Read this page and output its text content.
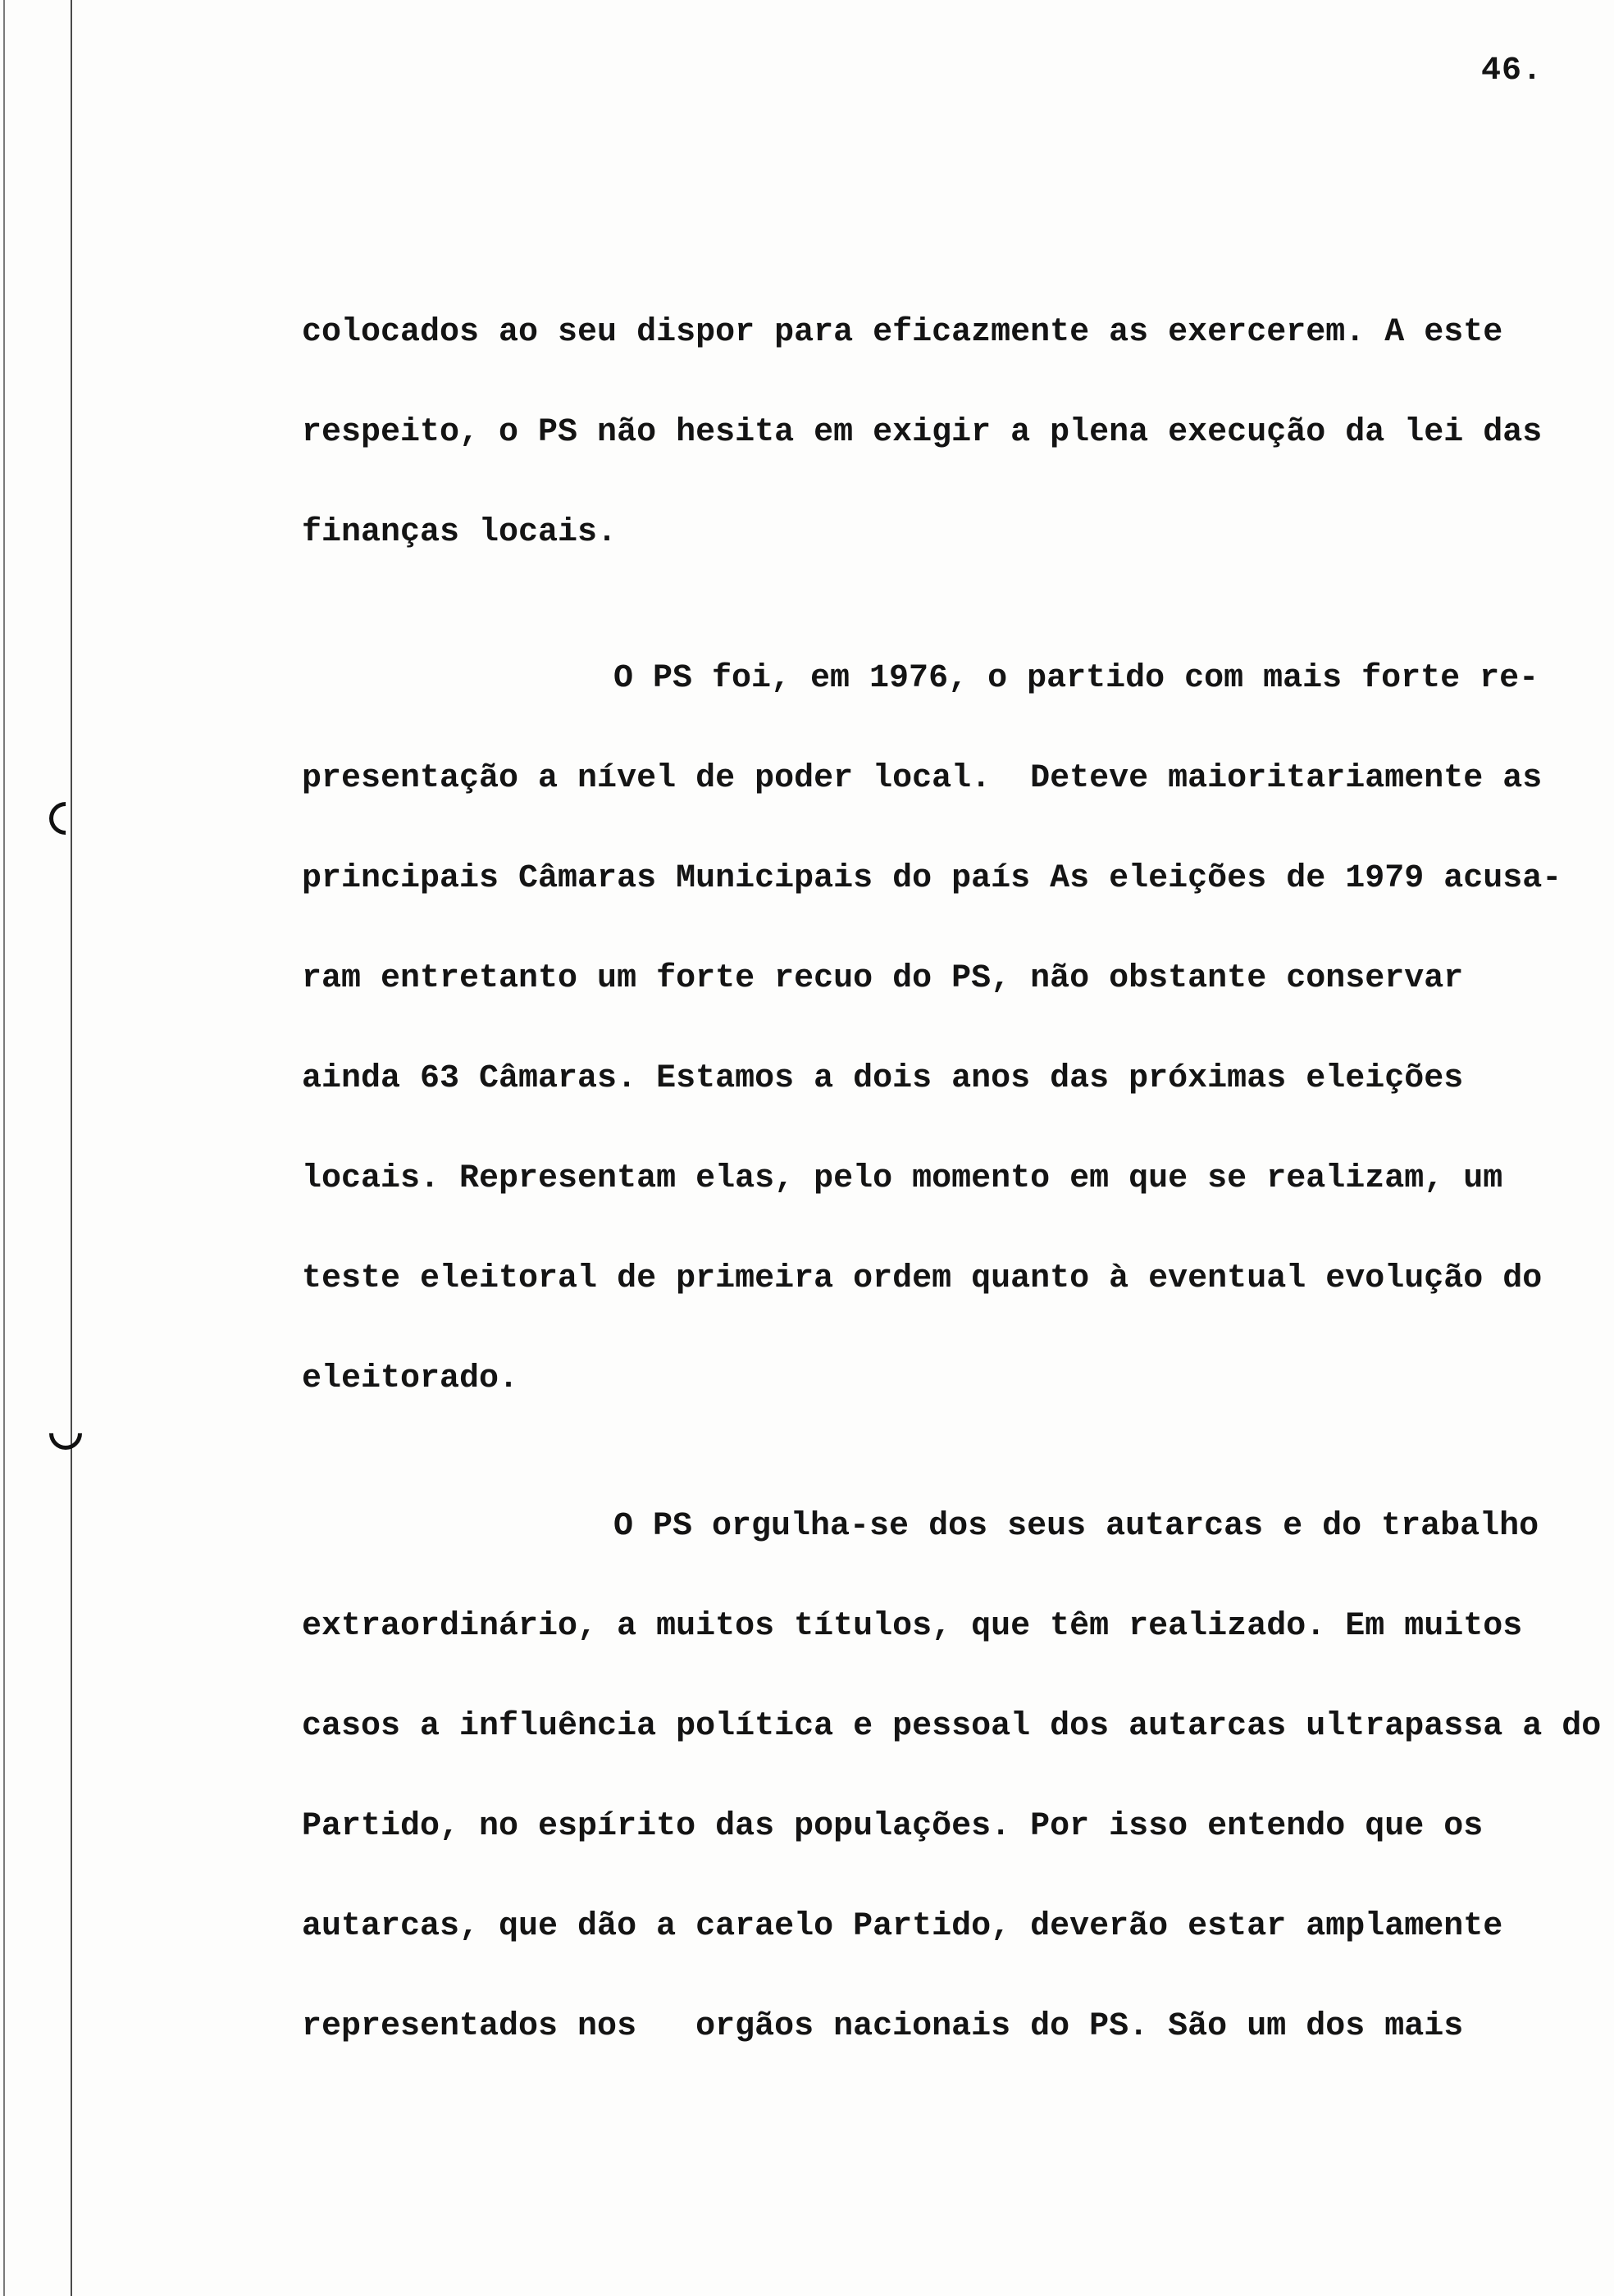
46.

colocados ao seu dispor para eficazmente as exercerem. A este

respeito, o PS não hesita em exigir a plena execução da lei das

finanças locais.

O PS foi, em 1976, o partido com mais forte re-

presentação a nível de poder local.  Deteve maioritariamente as

principais Câmaras Municipais do país As eleições de 1979 acusa-

ram entretanto um forte recuo do PS, não obstante conservar

ainda 63 Câmaras. Estamos a dois anos das próximas eleições

locais. Representam elas, pelo momento em que se realizam, um

teste eleitoral de primeira ordem quanto à eventual evolução do

eleitorado.

O PS orgulha-se dos seus autarcas e do trabalho

extraordinário, a muitos títulos, que têm realizado. Em muitos

casos a influência política e pessoal dos autarcas ultrapassa a do

Partido, no espírito das populações. Por isso entendo que os

autarcas, que dão a caraelo Partido, deverão estar amplamente

representados nos   orgãos nacionais do PS. São um dos mais
